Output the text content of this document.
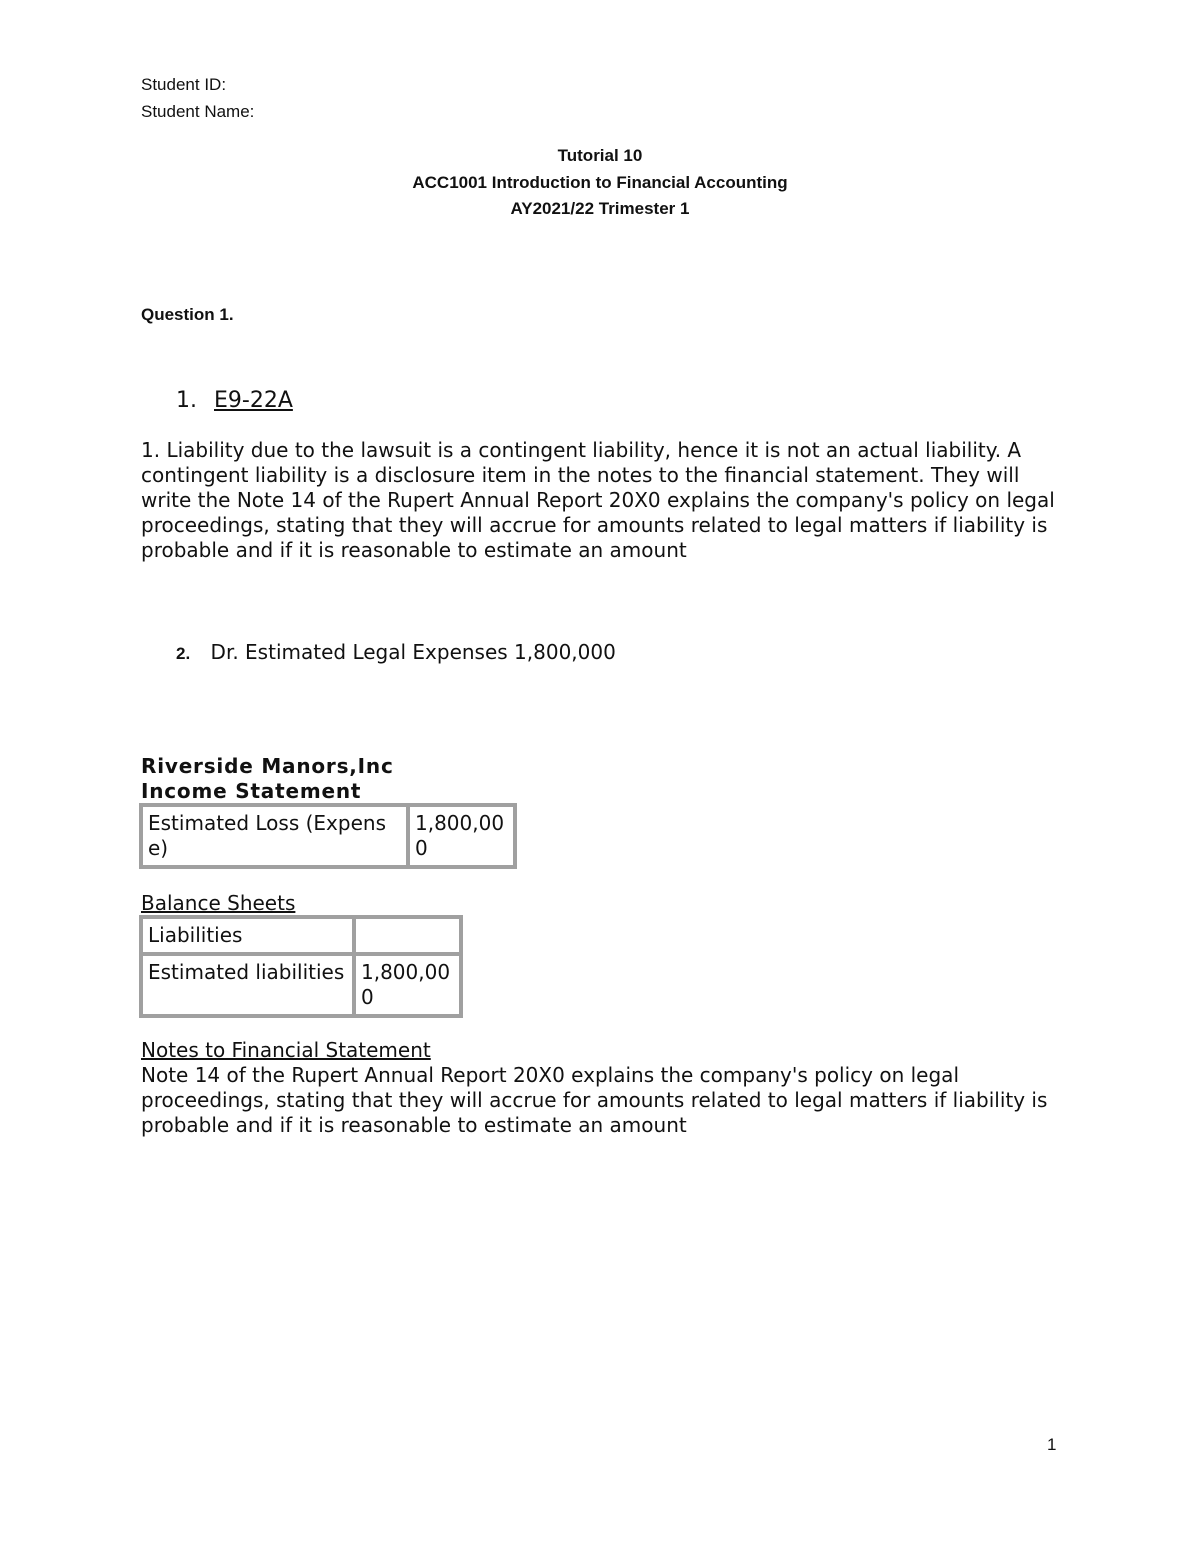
Student ID:
Student Name:
Tutorial 10
ACC1001 Introduction to Financial Accounting
AY2021/22 Trimester 1
Question 1.
1. E9-22A
1. Liability due to the lawsuit is a contingent liability, hence it is not an actual liability. A contingent liability is a disclosure item in the notes to the financial statement. They will write the Note 14 of the Rupert Annual Report 20X0 explains the company's policy on legal proceedings, stating that they will accrue for amounts related to legal matters if liability is probable and if it is reasonable to estimate an amount
2. Dr. Estimated Legal Expenses 1,800,000
Riverside Manors,Inc
Income Statement
Estimated Loss (Expense)	1,800,000
Balance Sheets
Liabilities	
Estimated liabilities	1,800,000
Notes to Financial Statement
Note 14 of the Rupert Annual Report 20X0 explains the company's policy on legal proceedings, stating that they will accrue for amounts related to legal matters if liability is probable and if it is reasonable to estimate an amount
1
